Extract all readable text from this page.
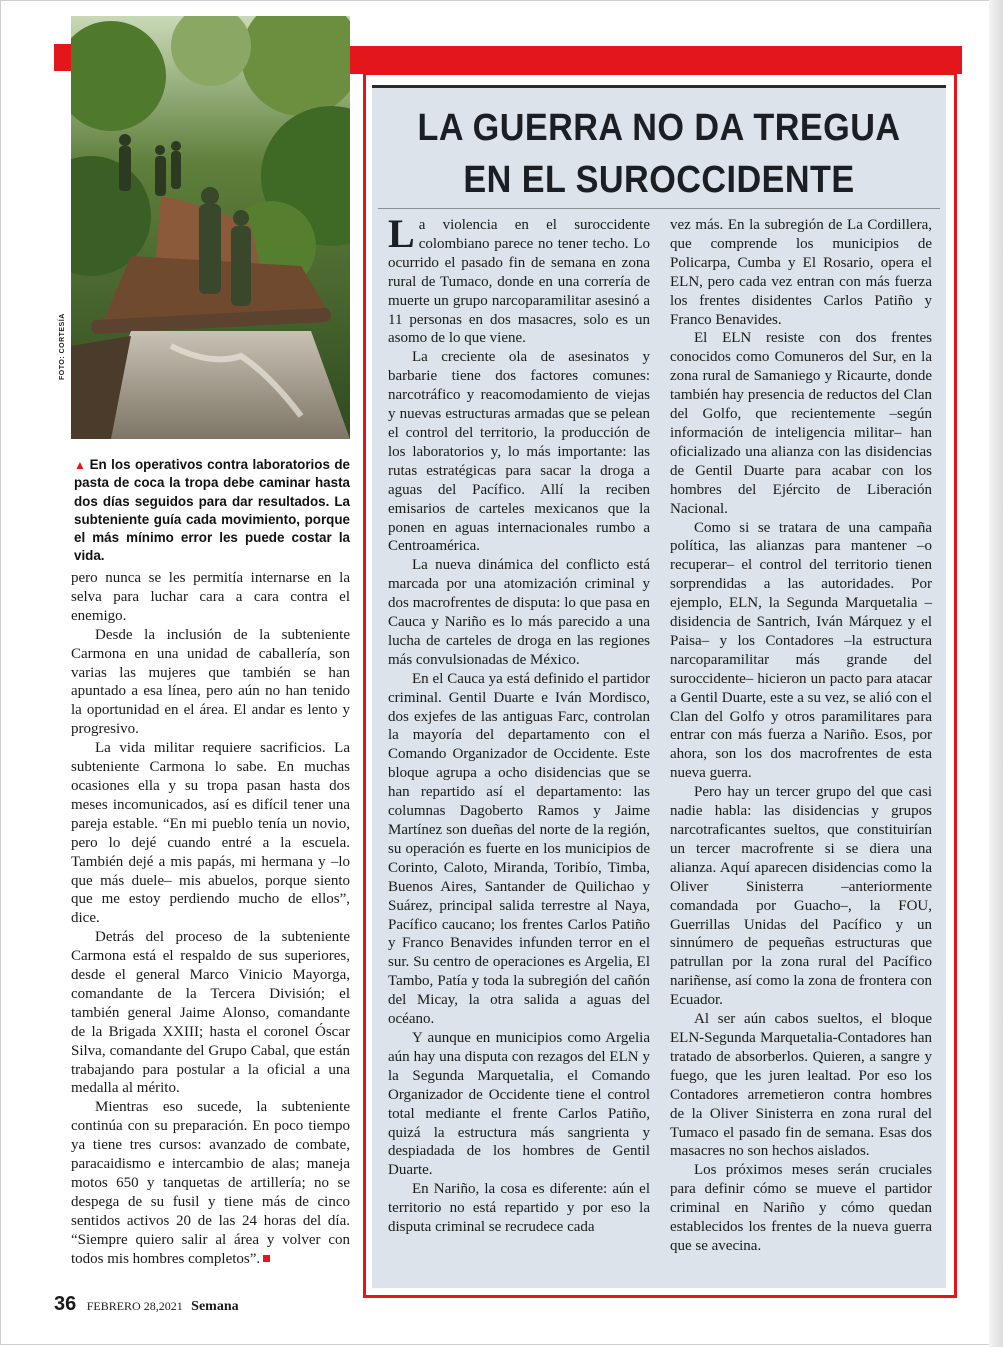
FOTO: CORTESÍA
▲ En los operativos contra laboratorios de pasta de coca la tropa debe caminar hasta dos días seguidos para dar resultados. La subteniente guía cada movimiento, porque el más mínimo error les puede costar la vida.

pero nunca se les permitía internarse en la selva para luchar cara a cara contra el enemigo.

Desde la inclusión de la subteniente Carmona en una unidad de caballería, son varias las mujeres que también se han apuntado a esa línea, pero aún no han tenido la oportunidad en el área. El andar es lento y progresivo.

La vida militar requiere sacrificios. La subteniente Carmona lo sabe. En muchas ocasiones ella y su tropa pasan hasta dos meses incomunicados, así es difícil tener una pareja estable. “En mi pueblo tenía un novio, pero lo dejé cuando entré a la escuela. También dejé a mis papás, mi hermana y –lo que más duele– mis abuelos, porque siento que me estoy perdiendo mucho de ellos”, dice.

Detrás del proceso de la subteniente Carmona está el respaldo de sus superiores, desde el general Marco Vinicio Mayorga, comandante de la Tercera División; el también general Jaime Alonso, comandante de la Brigada XXIII; hasta el coronel Óscar Silva, comandante del Grupo Cabal, que están trabajando para postular a la oficial a una medalla al mérito.

Mientras eso sucede, la subteniente continúa con su preparación. En poco tiempo ya tiene tres cursos: avanzado de combate, paracaidismo e intercambio de alas; maneja motos 650 y tanquetas de artillería; no se despega de su fusil y tiene más de cinco sentidos activos 20 de las 24 horas del día. “Siempre quiero salir al área y volver con todos mis hombres completos”.

LA GUERRA NO DA TREGUA
EN EL SUROCCIDENTE

La violencia en el suroccidente colombiano parece no tener techo. Lo ocurrido el pasado fin de semana en zona rural de Tumaco, donde en una correría de muerte un grupo narcoparamilitar asesinó a 11 personas en dos masacres, solo es un asomo de lo que viene.

La creciente ola de asesinatos y barbarie tiene dos factores comunes: narcotráfico y reacomodamiento de viejas y nuevas estructuras armadas que se pelean el control del territorio, la producción de los laboratorios y, lo más importante: las rutas estratégicas para sacar la droga a aguas del Pacífico. Allí la reciben emisarios de carteles mexicanos que la ponen en aguas internacionales rumbo a Centroamérica.

La nueva dinámica del conflicto está marcada por una atomización criminal y dos macrofrentes de disputa: lo que pasa en Cauca y Nariño es lo más parecido a una lucha de carteles de droga en las regiones más convulsionadas de México.

En el Cauca ya está definido el partidor criminal. Gentil Duarte e Iván Mordisco, dos exjefes de las antiguas Farc, controlan la mayoría del departamento con el Comando Organizador de Occidente. Este bloque agrupa a ocho disidencias que se han repartido así el departamento: las columnas Dagoberto Ramos y Jaime Martínez son dueñas del norte de la región, su operación es fuerte en los municipios de Corinto, Caloto, Miranda, Toribío, Timba, Buenos Aires, Santander de Quilichao y Suárez, principal salida terrestre al Naya, Pacífico caucano; los frentes Carlos Patiño y Franco Benavides infunden terror en el sur. Su centro de operaciones es Argelia, El Tambo, Patía y toda la subregión del cañón del Micay, la otra salida a aguas del océano.

Y aunque en municipios como Argelia aún hay una disputa con rezagos del ELN y la Segunda Marquetalia, el Comando Organizador de Occidente tiene el control total mediante el frente Carlos Patiño, quizá la estructura más sangrienta y despiadada de los hombres de Gentil Duarte.

En Nariño, la cosa es diferente: aún el territorio no está repartido y por eso la disputa criminal se recrudece cada

vez más. En la subregión de La Cordillera, que comprende los municipios de Policarpa, Cumba y El Rosario, opera el ELN, pero cada vez entran con más fuerza los frentes disidentes Carlos Patiño y Franco Benavides.

El ELN resiste con dos frentes conocidos como Comuneros del Sur, en la zona rural de Samaniego y Ricaurte, donde también hay presencia de reductos del Clan del Golfo, que recientemente –según información de inteligencia militar– han oficializado una alianza con las disidencias de Gentil Duarte para acabar con los hombres del Ejército de Liberación Nacional.

Como si se tratara de una campaña política, las alianzas para mantener –o recuperar– el control del territorio tienen sorprendidas a las autoridades. Por ejemplo, ELN, la Segunda Marquetalia –disidencia de Santrich, Iván Márquez y el Paisa– y los Contadores –la estructura narcoparamilitar más grande del suroccidente– hicieron un pacto para atacar a Gentil Duarte, este a su vez, se alió con el Clan del Golfo y otros paramilitares para entrar con más fuerza a Nariño. Esos, por ahora, son los dos macrofrentes de esta nueva guerra.

Pero hay un tercer grupo del que casi nadie habla: las disidencias y grupos narcotraficantes sueltos, que constituirían un tercer macrofrente si se diera una alianza. Aquí aparecen disidencias como la Oliver Sinisterra –anteriormente comandada por Guacho–, la FOU, Guerrillas Unidas del Pacífico y un sinnúmero de pequeñas estructuras que patrullan por la zona rural del Pacífico nariñense, así como la zona de frontera con Ecuador.

Al ser aún cabos sueltos, el bloque ELN-Segunda Marquetalia-Contadores han tratado de absorberlos. Quieren, a sangre y fuego, que les juren lealtad. Por eso los Contadores arremetieron contra hombres de la Oliver Sinisterra en zona rural del Tumaco el pasado fin de semana. Esas dos masacres no son hechos aislados.

Los próximos meses serán cruciales para definir cómo se mueve el partidor criminal en Nariño y cómo quedan establecidos los frentes de la nueva guerra que se avecina.

36 FEBRERO 28,2021 Semana
